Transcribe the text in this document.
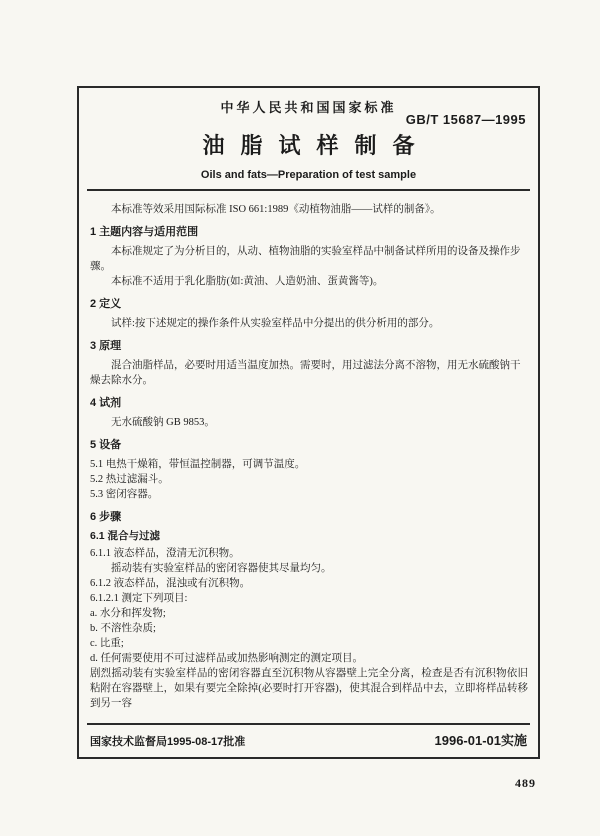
中华人民共和国国家标准
GB/T 15687—1995
油脂试样制备
Oils and fats—Preparation of test sample

本标准等效采用国际标准 ISO 661:1989《动植物油脂——试样的制备》。

1 主题内容与适用范围

本标准规定了为分析目的，从动、植物油脂的实验室样品中制备试样所用的设备及操作步骤。

本标准不适用于乳化脂肪(如:黄油、人造奶油、蛋黄酱等)。

2 定义

试样:按下述规定的操作条件从实验室样品中分提出的供分析用的部分。

3 原理

混合油脂样品，必要时用适当温度加热。需要时，用过滤法分离不溶物，用无水硫酸钠干燥去除水分。

4 试剂

无水硫酸钠 GB 9853。

5 设备

5.1 电热干燥箱，带恒温控制器，可调节温度。

5.2 热过滤漏斗。

5.3 密闭容器。

6 步骤
6.1 混合与过滤

6.1.1 液态样品，澄清无沉积物。

摇动装有实验室样品的密闭容器使其尽量均匀。

6.1.2 液态样品，混浊或有沉积物。

6.1.2.1 测定下列项目:

a. 水分和挥发物;

b. 不溶性杂质;

c. 比重;

d. 任何需要使用不可过滤样品或加热影响测定的测定项目。

剧烈摇动装有实验室样品的密闭容器直至沉积物从容器壁上完全分离，检查是否有沉积物依旧粘附在容器壁上，如果有要完全除掉(必要时打开容器)，使其混合到样品中去，立即将样品转移到另一容

国家技术监督局1995-08-17批准	1996-01-01实施
489
